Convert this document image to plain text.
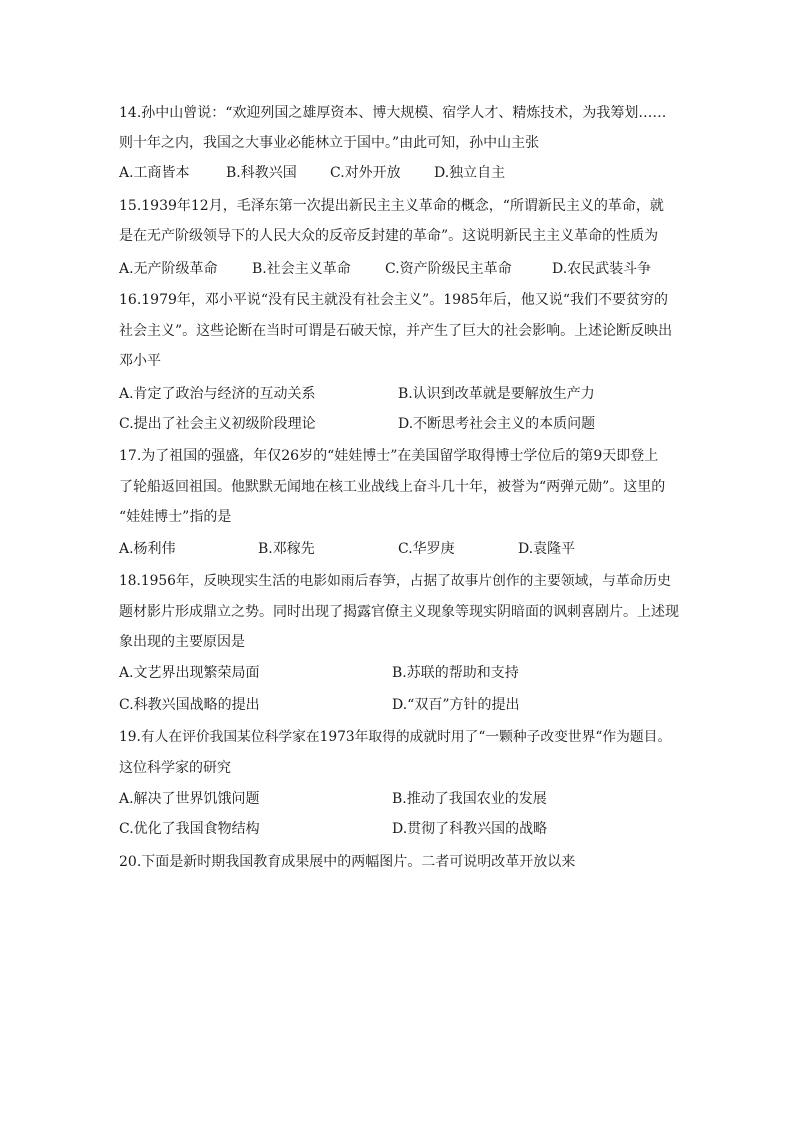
14.孙中山曾说：“欢迎列国之雄厚资本、博大规模、宿学人才、精炼技术，为我筹划……
则十年之内，我国之大事业必能林立于国中。”由此可知，孙中山主张
A.工商皆本	B.科教兴国 C.对外开放 D.独立自主
15.1939年12月，毛泽东第一次提出新民主主义革命的概念，“所谓新民主义的革命，就
是在无产阶级领导下的人民大众的反帝反封建的革命”。这说明新民主主义革命的性质为
A.无产阶级革命 B.社会主义革命 C.资产阶级民主革命	D.农民武装斗争
16.1979年，邓小平说“没有民主就没有社会主义”。1985年后，他又说“我们不要贫穷的
社会主义”。这些论断在当时可谓是石破天惊，并产生了巨大的社会影响。上述论断反映出
邓小平
A.肯定了政治与经济的互动关系	B.认识到改革就是要解放生产力
C.提出了社会主义初级阶段理论	D.不断思考社会主义的本质问题
17.为了祖国的强盛，年仅26岁的“娃娃博士”在美国留学取得博士学位后的第9天即登上
了轮船返回祖国。他默默无闻地在核工业战线上奋斗几十年，被誉为“两弹元勋”。这里的
“娃娃博士”指的是
A.杨利伟	B.邓稼先	C.华罗庚	D.袁隆平
18.1956年，反映现实生活的电影如雨后春笋，占据了故事片创作的主要领域，与革命历史
题材影片形成鼎立之势。同时出现了揭露官僚主义现象等现实阴暗面的讽刺喜剧片。上述现
象出现的主要原因是
A.文艺界出现繁荣局面	B.苏联的帮助和支持
C.科教兴国战略的提出	D.“双百”方针的提出
19.有人在评价我国某位科学家在1973年取得的成就时用了“一颗种子改变世界“作为题目。
这位科学家的研究
A.解决了世界饥饿问题	B.推动了我国农业的发展
C.优化了我国食物结构	D.贯彻了科教兴国的战略
20.下面是新时期我国教育成果展中的两幅图片。二者可说明改革开放以来
